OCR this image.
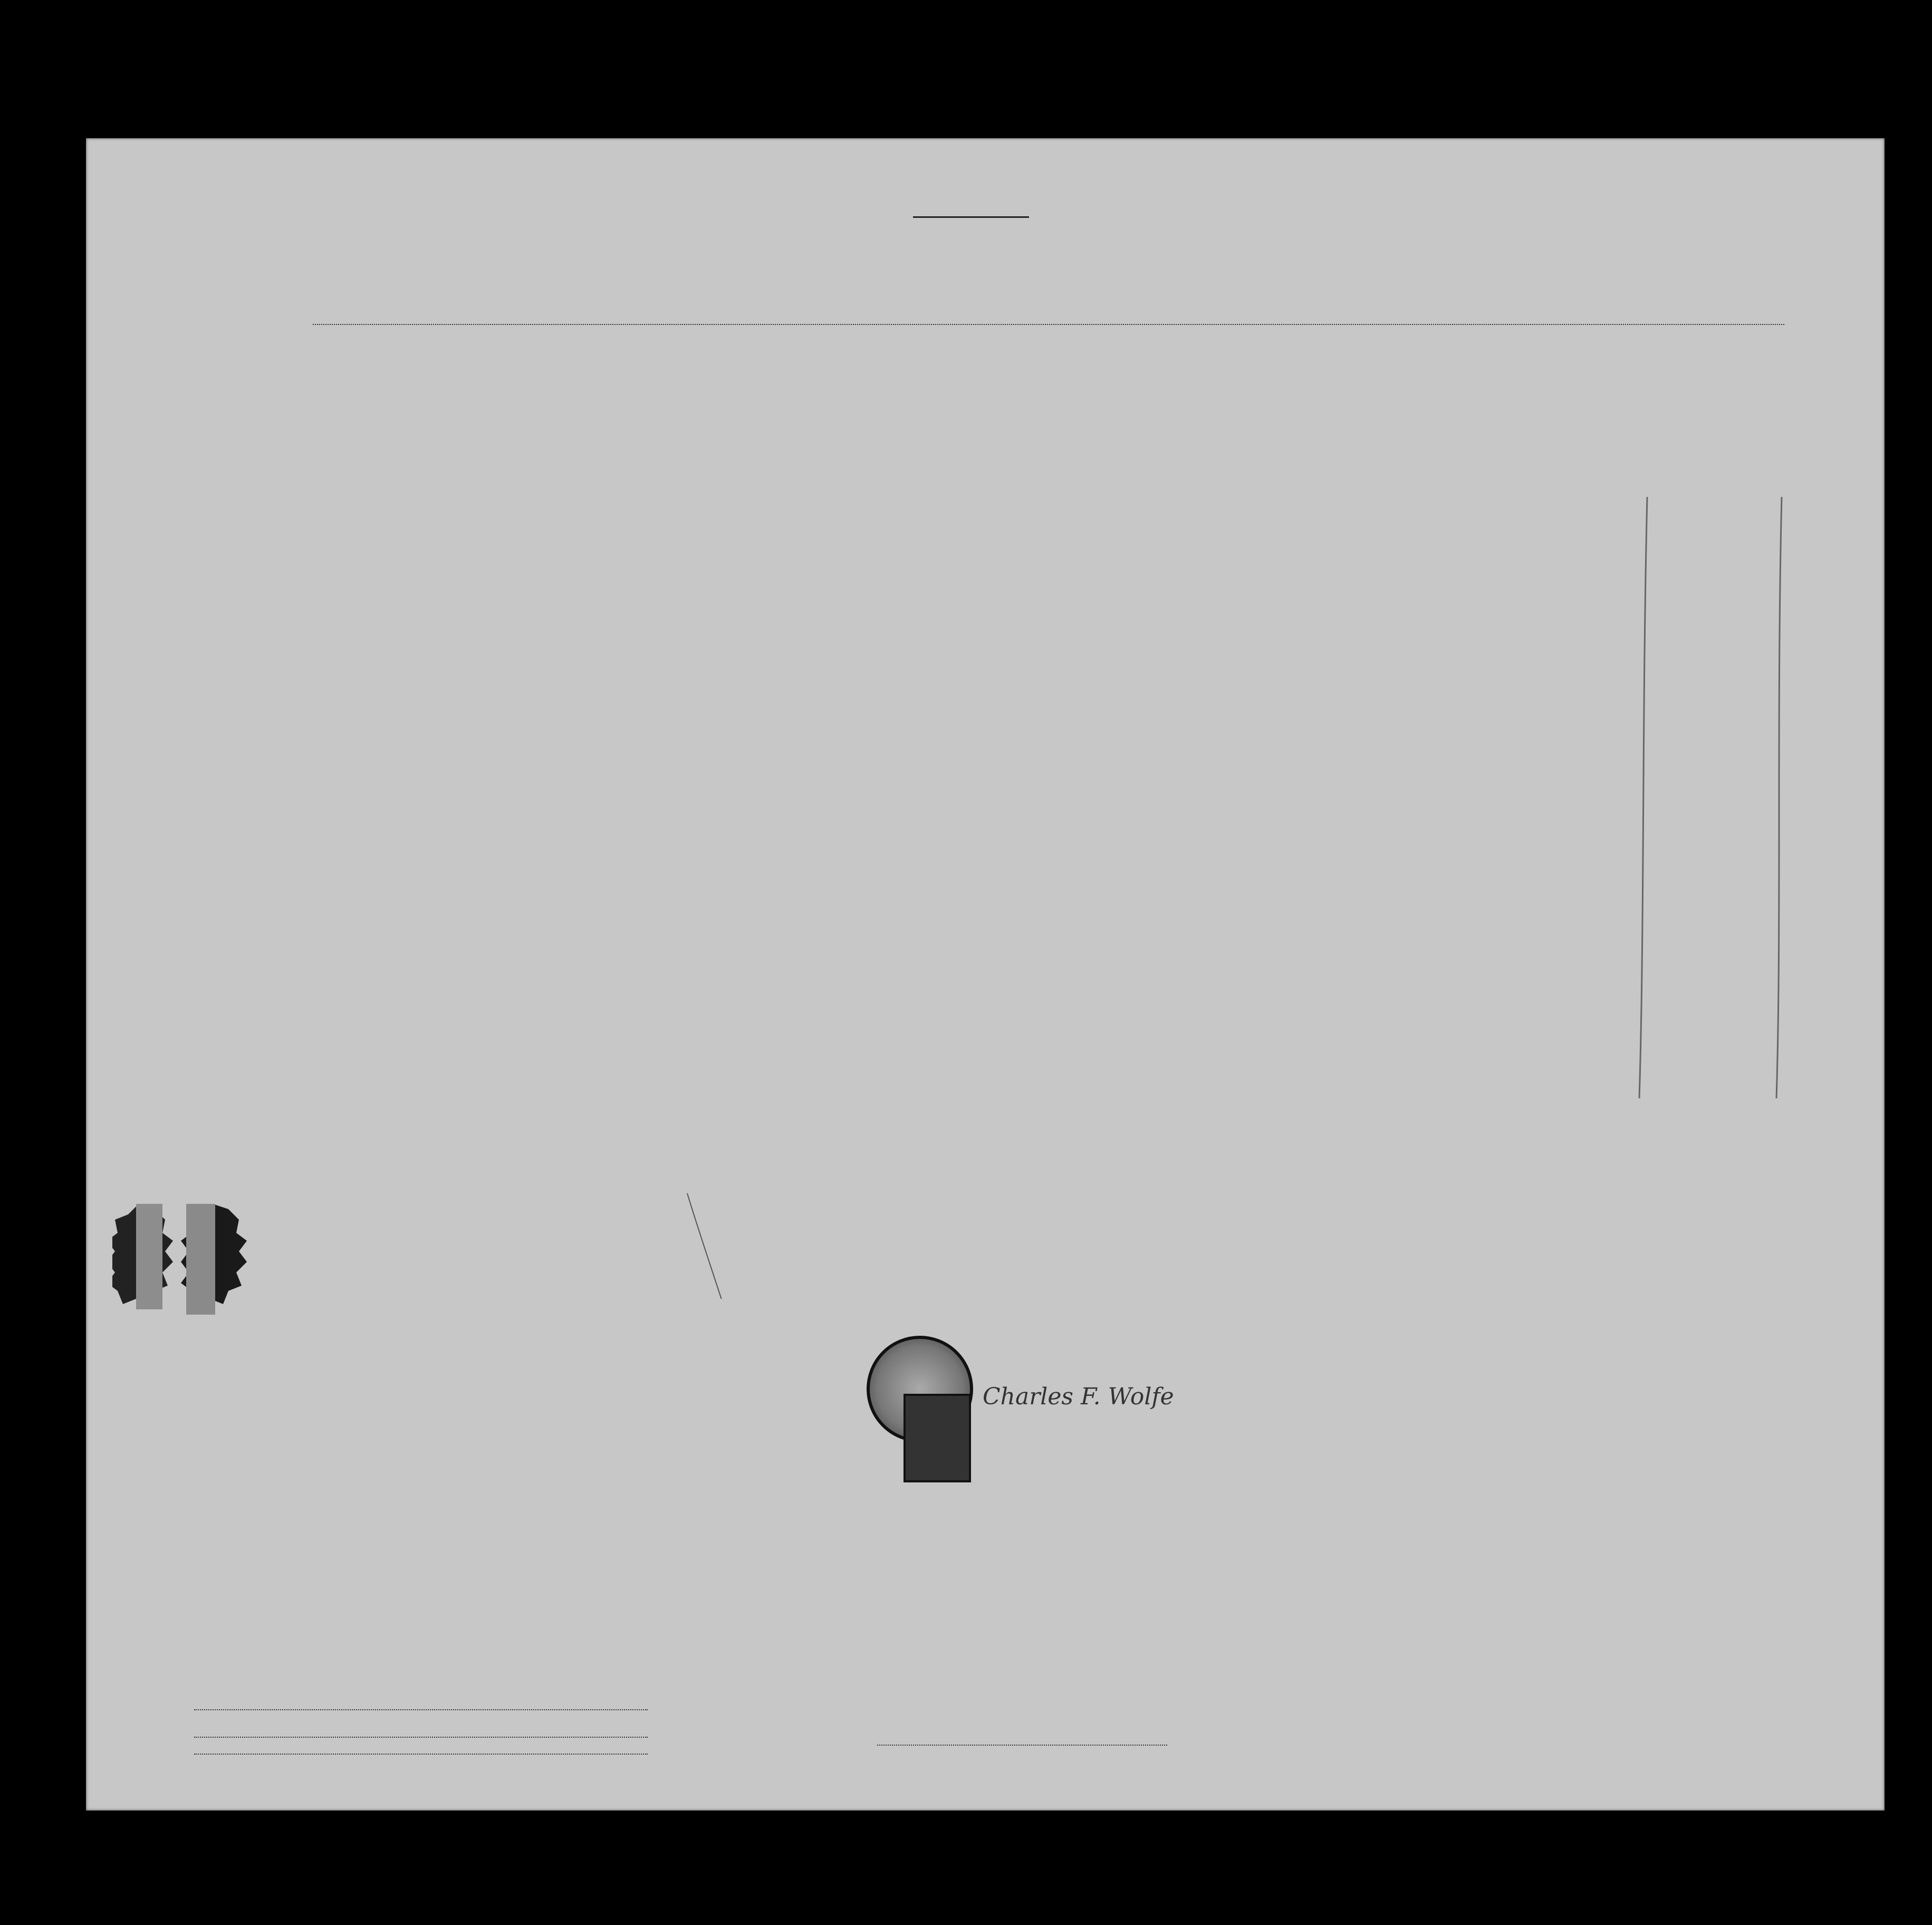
Charles F. Wolfe
